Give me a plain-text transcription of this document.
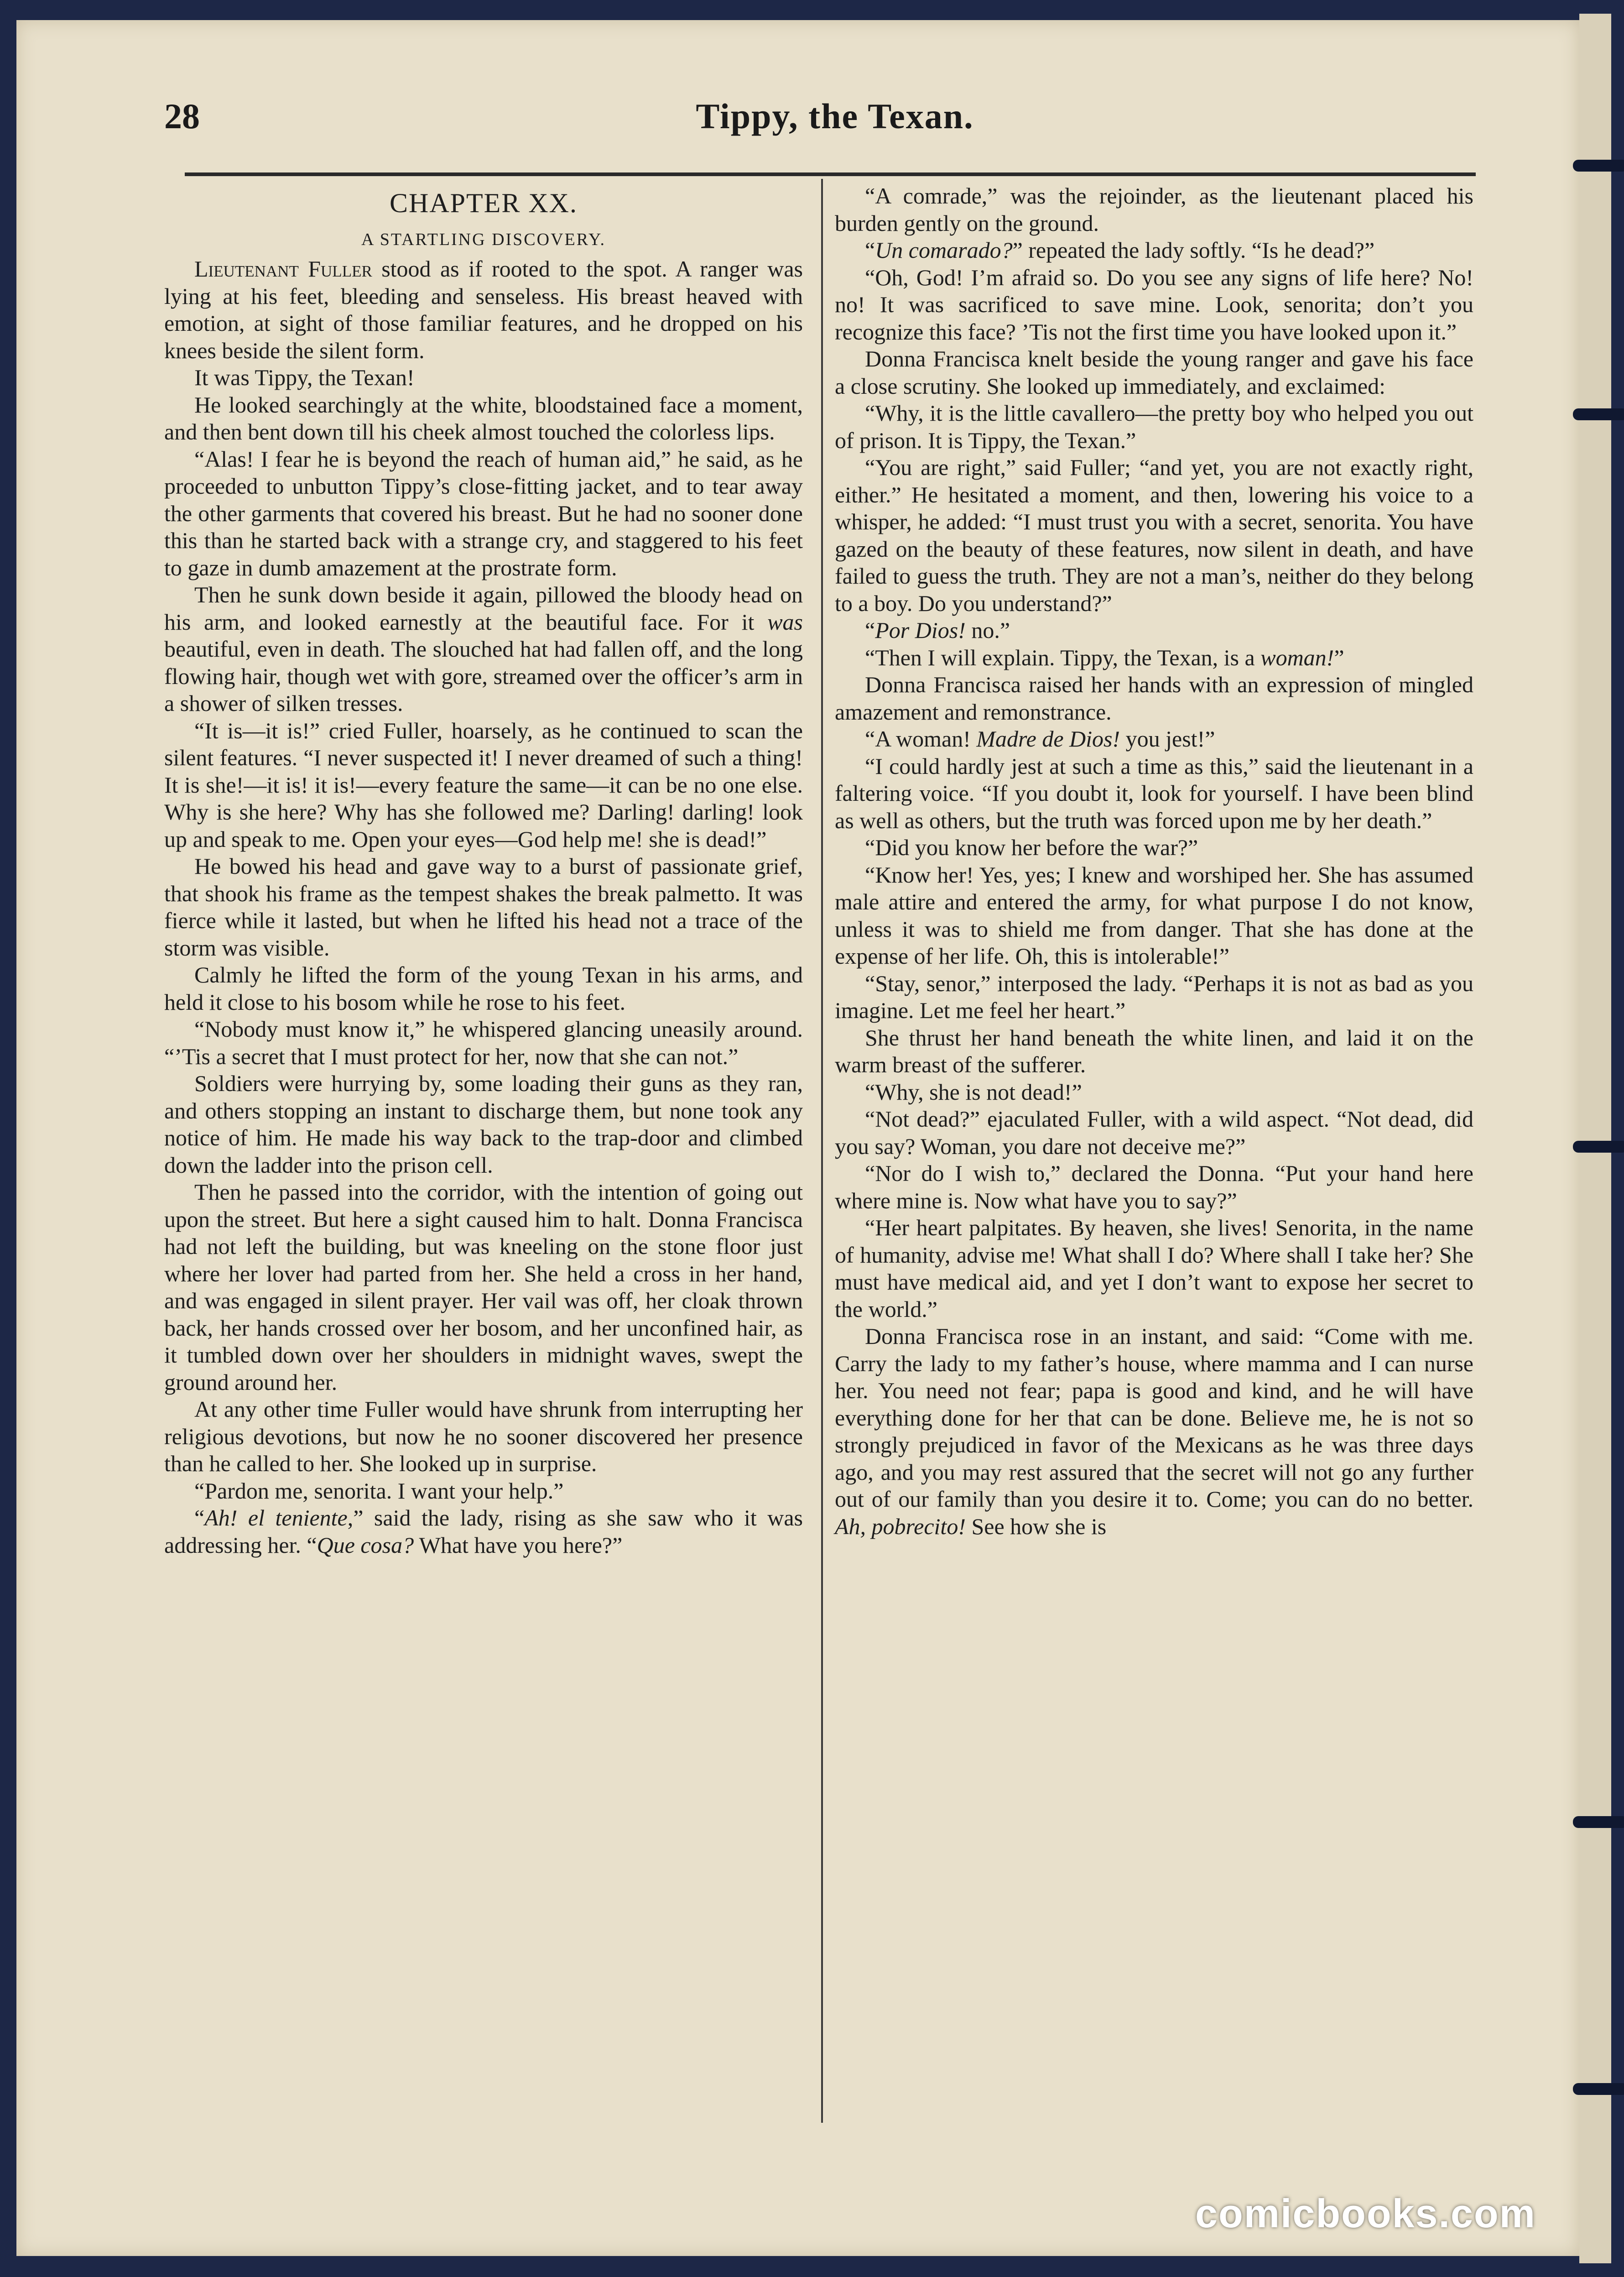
28	Tippy, the Texan.
CHAPTER XX.
A STARTLING DISCOVERY.

Lieutenant Fuller stood as if rooted to the spot. A ranger was lying at his feet, bleeding and senseless. His breast heaved with emotion, at sight of those familiar features, and he dropped on his knees beside the silent form.

It was Tippy, the Texan!

He looked searchingly at the white, bloodstained face a moment, and then bent down till his cheek almost touched the colorless lips.

“Alas! I fear he is beyond the reach of human aid,” he said, as he proceeded to unbutton Tippy’s close-fitting jacket, and to tear away the other garments that covered his breast. But he had no sooner done this than he started back with a strange cry, and staggered to his feet to gaze in dumb amazement at the prostrate form.

Then he sunk down beside it again, pillowed the bloody head on his arm, and looked earnestly at the beautiful face. For it was beautiful, even in death. The slouched hat had fallen off, and the long flowing hair, though wet with gore, streamed over the officer’s arm in a shower of silken tresses.

“It is—it is!” cried Fuller, hoarsely, as he continued to scan the silent features. “I never suspected it! I never dreamed of such a thing! It is she!—it is! it is!—every feature the same—it can be no one else. Why is she here? Why has she followed me? Darling! darling! look up and speak to me. Open your eyes—God help me! she is dead!”

He bowed his head and gave way to a burst of passionate grief, that shook his frame as the tempest shakes the break palmetto. It was fierce while it lasted, but when he lifted his head not a trace of the storm was visible.

Calmly he lifted the form of the young Texan in his arms, and held it close to his bosom while he rose to his feet.

“Nobody must know it,” he whispered glancing uneasily around. “’Tis a secret that I must protect for her, now that she can not.”

Soldiers were hurrying by, some loading their guns as they ran, and others stopping an instant to discharge them, but none took any notice of him. He made his way back to the trap-door and climbed down the ladder into the prison cell.

Then he passed into the corridor, with the intention of going out upon the street. But here a sight caused him to halt. Donna Francisca had not left the building, but was kneeling on the stone floor just where her lover had parted from her. She held a cross in her hand, and was engaged in silent prayer. Her vail was off, her cloak thrown back, her hands crossed over her bosom, and her unconfined hair, as it tumbled down over her shoulders in midnight waves, swept the ground around her.

At any other time Fuller would have shrunk from interrupting her religious devotions, but now he no sooner discovered her presence than he called to her. She looked up in surprise.

“Pardon me, senorita. I want your help.”

“Ah! el teniente,” said the lady, rising as she saw who it was addressing her. “Que cosa? What have you here?”

“A comrade,” was the rejoinder, as the lieutenant placed his burden gently on the ground.

“Un comarado?” repeated the lady softly. “Is he dead?”

“Oh, God! I’m afraid so. Do you see any signs of life here? No! no! It was sacrificed to save mine. Look, senorita; don’t you recognize this face? ’Tis not the first time you have looked upon it.”

Donna Francisca knelt beside the young ranger and gave his face a close scrutiny. She looked up immediately, and exclaimed:

“Why, it is the little cavallero—the pretty boy who helped you out of prison. It is Tippy, the Texan.”

“You are right,” said Fuller; “and yet, you are not exactly right, either.” He hesitated a moment, and then, lowering his voice to a whisper, he added: “I must trust you with a secret, senorita. You have gazed on the beauty of these features, now silent in death, and have failed to guess the truth. They are not a man’s, neither do they belong to a boy. Do you understand?”

“Por Dios! no.”

“Then I will explain. Tippy, the Texan, is a woman!”

Donna Francisca raised her hands with an expression of mingled amazement and remonstrance.

“A woman! Madre de Dios! you jest!”

“I could hardly jest at such a time as this,” said the lieutenant in a faltering voice. “If you doubt it, look for yourself. I have been blind as well as others, but the truth was forced upon me by her death.”

“Did you know her before the war?”

“Know her! Yes, yes; I knew and worshiped her. She has assumed male attire and entered the army, for what purpose I do not know, unless it was to shield me from danger. That she has done at the expense of her life. Oh, this is intolerable!”

“Stay, senor,” interposed the lady. “Perhaps it is not as bad as you imagine. Let me feel her heart.”

She thrust her hand beneath the white linen, and laid it on the warm breast of the sufferer.

“Why, she is not dead!”

“Not dead?” ejaculated Fuller, with a wild aspect. “Not dead, did you say? Woman, you dare not deceive me?”

“Nor do I wish to,” declared the Donna. “Put your hand here where mine is. Now what have you to say?”

“Her heart palpitates. By heaven, she lives! Senorita, in the name of humanity, advise me! What shall I do? Where shall I take her? She must have medical aid, and yet I don’t want to expose her secret to the world.”

Donna Francisca rose in an instant, and said: “Come with me. Carry the lady to my father’s house, where mamma and I can nurse her. You need not fear; papa is good and kind, and he will have everything done for her that can be done. Believe me, he is not so strongly prejudiced in favor of the Mexicans as he was three days ago, and you may rest assured that the secret will not go any further out of our family than you desire it to. Come; you can do no better. Ah, pobrecito! See how she is

comicbooks.com
